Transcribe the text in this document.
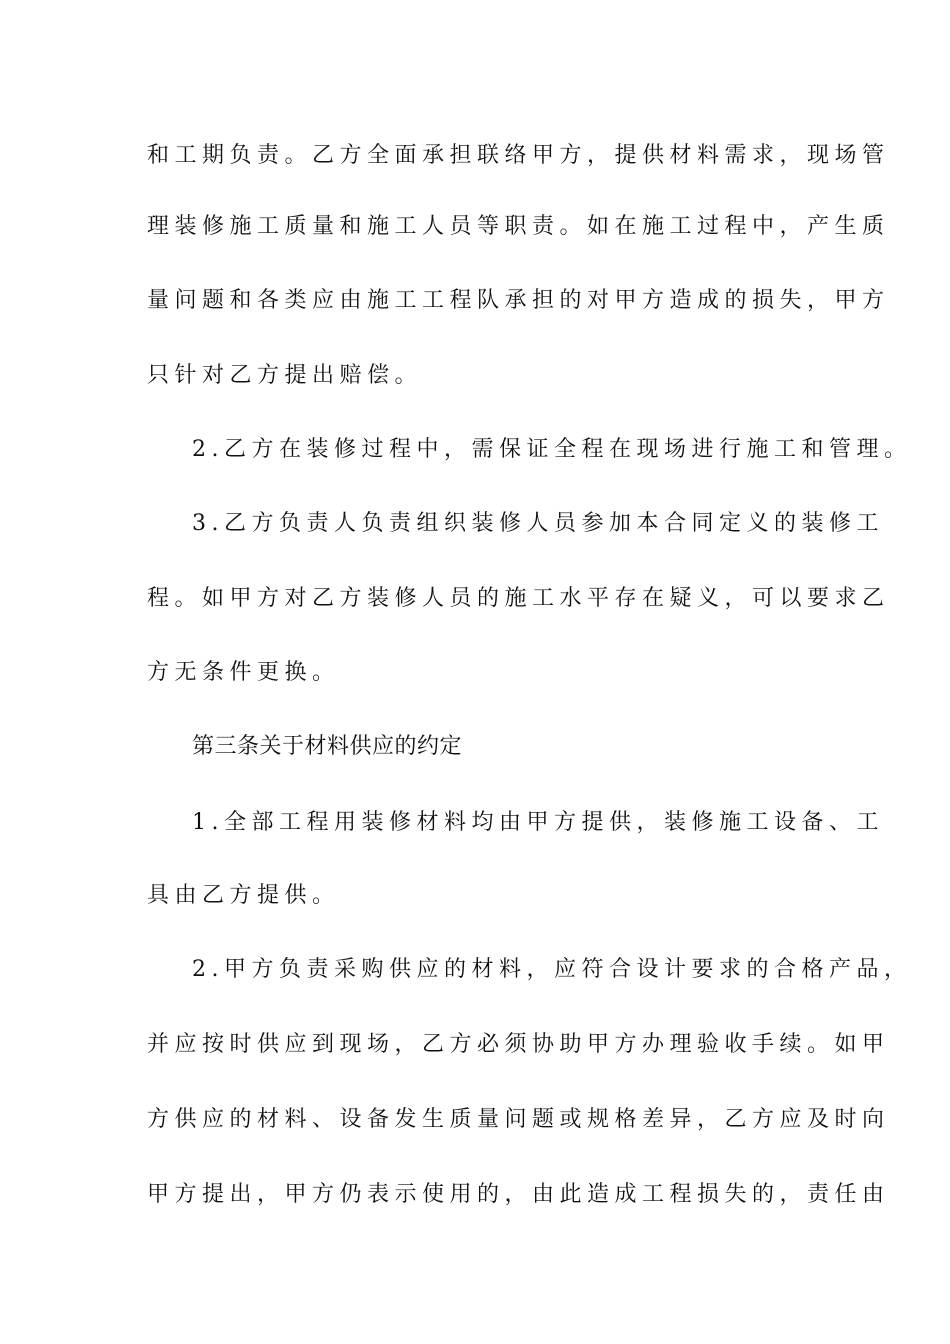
和工期负责。乙方全面承担联络甲方，提供材料需求，现场管
理装修施工质量和施工人员等职责。如在施工过程中，产生质
量问题和各类应由施工工程队承担的对甲方造成的损失，甲方
只针对乙方提出赔偿。
2.乙方在装修过程中，需保证全程在现场进行施工和管理。
3.乙方负责人负责组织装修人员参加本合同定义的装修工
程。如甲方对乙方装修人员的施工水平存在疑义，可以要求乙
方无条件更换。
第三条关于材料供应的约定
1.全部工程用装修材料均由甲方提供，装修施工设备、工
具由乙方提供。
2.甲方负责采购供应的材料，应符合设计要求的合格产品，
并应按时供应到现场，乙方必须协助甲方办理验收手续。如甲
方供应的材料、设备发生质量问题或规格差异，乙方应及时向
甲方提出，甲方仍表示使用的，由此造成工程损失的，责任由
